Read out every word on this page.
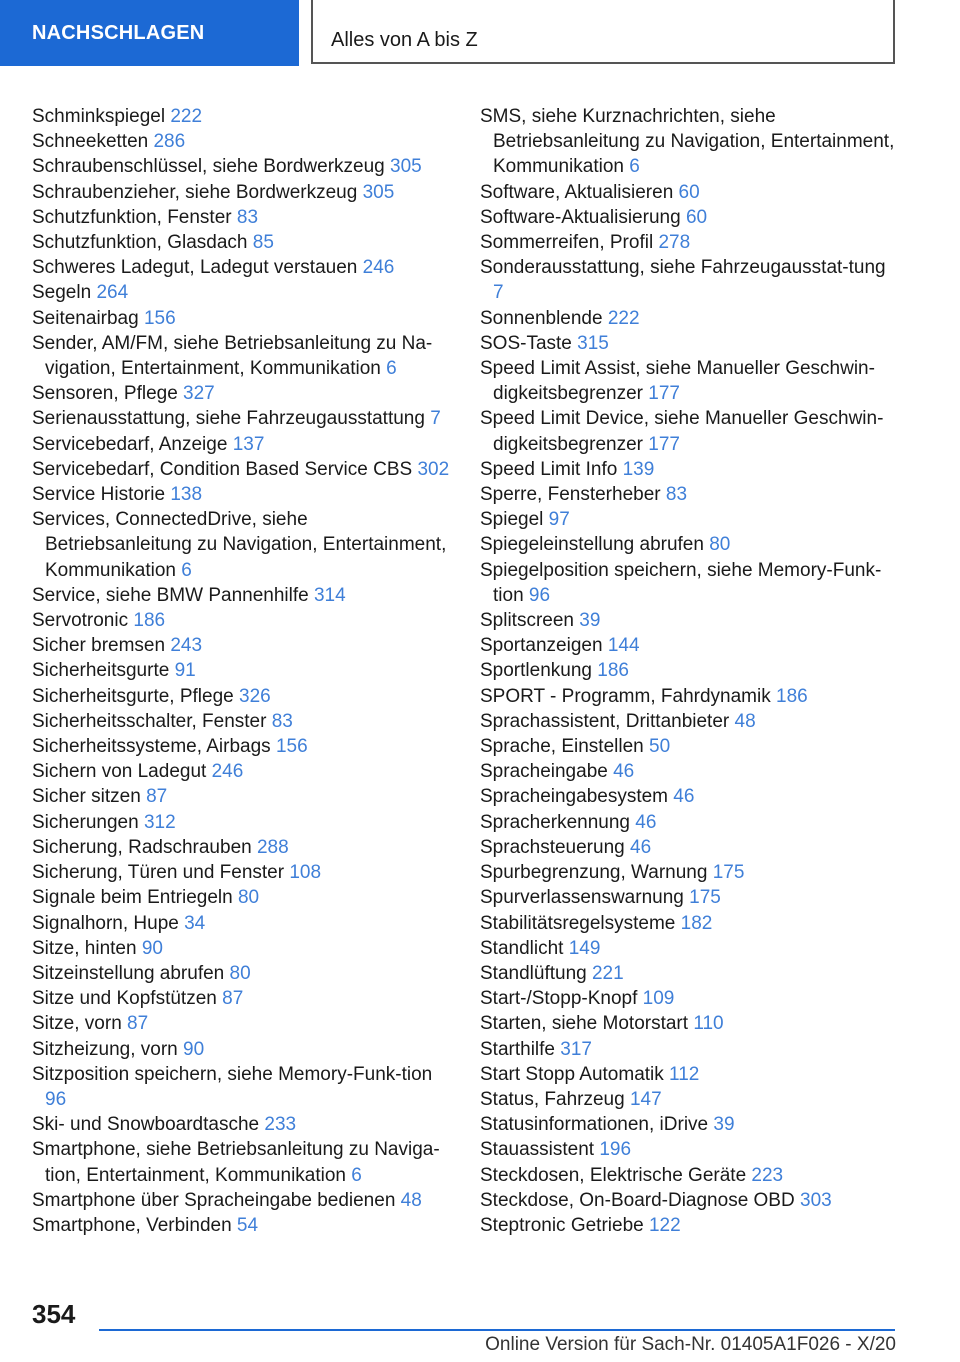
NACHSCHLAGEN	Alles von A bis Z
Schminkspiegel 222
Schneeketten 286
Schraubenschlüssel, siehe Bordwerkzeug 305
Schraubenzieher, siehe Bordwerkzeug 305
Schutzfunktion, Fenster 83
Schutzfunktion, Glasdach 85
Schweres Ladegut, Ladegut verstauen 246
Segeln 264
Seitenairbag 156
Sender, AM/FM, siehe Betriebsanleitung zu Na-vigation, Entertainment, Kommunikation 6
Sensoren, Pflege 327
Serienausstattung, siehe Fahrzeugausstattung 7
Servicebedarf, Anzeige 137
Servicebedarf, Condition Based Service CBS 302
Service Historie 138
Services, ConnectedDrive, siehe Betriebsanleitung zu Navigation, Entertainment, Kommunikation 6
Service, siehe BMW Pannenhilfe 314
Servotronic 186
Sicher bremsen 243
Sicherheitsgurte 91
Sicherheitsgurte, Pflege 326
Sicherheitsschalter, Fenster 83
Sicherheitssysteme, Airbags 156
Sichern von Ladegut 246
Sicher sitzen 87
Sicherungen 312
Sicherung, Radschrauben 288
Sicherung, Türen und Fenster 108
Signale beim Entriegeln 80
Signalhorn, Hupe 34
Sitze, hinten 90
Sitzeinstellung abrufen 80
Sitze und Kopfstützen 87
Sitze, vorn 87
Sitzheizung, vorn 90
Sitzposition speichern, siehe Memory-Funk-tion 96
Ski- und Snowboardtasche 233
Smartphone, siehe Betriebsanleitung zu Naviga-tion, Entertainment, Kommunikation 6
Smartphone über Spracheingabe bedienen 48
Smartphone, Verbinden 54
SMS, siehe Kurznachrichten, siehe Betriebsanleitung zu Navigation, Entertainment, Kommunikation 6
Software, Aktualisieren 60
Software-Aktualisierung 60
Sommerreifen, Profil 278
Sonderausstattung, siehe Fahrzeugausstat-tung 7
Sonnenblende 222
SOS-Taste 315
Speed Limit Assist, siehe Manueller Geschwin-digkeitsbegrenzer 177
Speed Limit Device, siehe Manueller Geschwin-digkeitsbegrenzer 177
Speed Limit Info 139
Sperre, Fensterheber 83
Spiegel 97
Spiegeleinstellung abrufen 80
Spiegelposition speichern, siehe Memory-Funk-tion 96
Splitscreen 39
Sportanzeigen 144
Sportlenkung 186
SPORT - Programm, Fahrdynamik 186
Sprachassistent, Drittanbieter 48
Sprache, Einstellen 50
Spracheingabe 46
Spracheingabesystem 46
Spracherkennung 46
Sprachsteuerung 46
Spurbegrenzung, Warnung 175
Spurverlassenswarnung 175
Stabilitätsregelsysteme 182
Standlicht 149
Standlüftung 221
Start-/Stopp-Knopf 109
Starten, siehe Motorstart 110
Starthilfe 317
Start Stopp Automatik 112
Status, Fahrzeug 147
Statusinformationen, iDrive 39
Stauassistent 196
Steckdosen, Elektrische Geräte 223
Steckdose, On-Board-Diagnose OBD 303
Steptronic Getriebe 122
354
Online Version für Sach-Nr. 01405A1F026 - X/20
